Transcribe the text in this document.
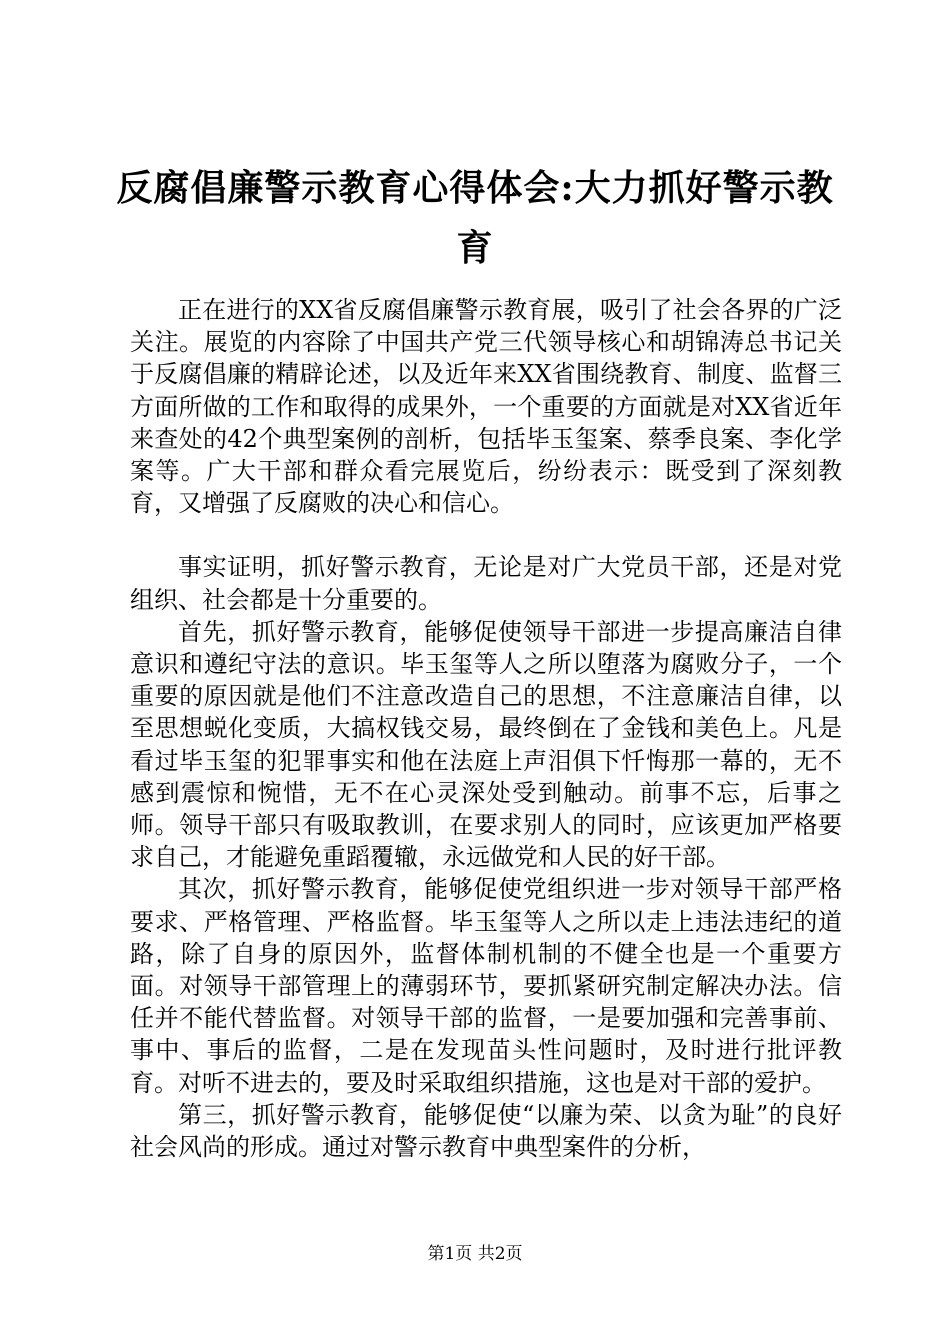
反腐倡廉警示教育心得体会:大力抓好警示教育

正在进行的XX省反腐倡廉警示教育展，吸引了社会各界的广泛关注。展览的内容除了中国共产党三代领导核心和胡锦涛总书记关于反腐倡廉的精辟论述，以及近年来XX省围绕教育、制度、监督三方面所做的工作和取得的成果外，一个重要的方面就是对XX省近年来查处的42个典型案例的剖析，包括毕玉玺案、蔡季良案、李化学案等。广大干部和群众看完展览后，纷纷表示：既受到了深刻教育，又增强了反腐败的决心和信心。

事实证明，抓好警示教育，无论是对广大党员干部，还是对党组织、社会都是十分重要的。

首先，抓好警示教育，能够促使领导干部进一步提高廉洁自律意识和遵纪守法的意识。毕玉玺等人之所以堕落为腐败分子，一个重要的原因就是他们不注意改造自己的思想，不注意廉洁自律，以至思想蜕化变质，大搞权钱交易，最终倒在了金钱和美色上。凡是看过毕玉玺的犯罪事实和他在法庭上声泪俱下忏悔那一幕的，无不感到震惊和惋惜，无不在心灵深处受到触动。前事不忘，后事之师。领导干部只有吸取教训，在要求别人的同时，应该更加严格要求自己，才能避免重蹈覆辙，永远做党和人民的好干部。

其次，抓好警示教育，能够促使党组织进一步对领导干部严格要求、严格管理、严格监督。毕玉玺等人之所以走上违法违纪的道路，除了自身的原因外，监督体制机制的不健全也是一个重要方面。对领导干部管理上的薄弱环节，要抓紧研究制定解决办法。信任并不能代替监督。对领导干部的监督，一是要加强和完善事前、事中、事后的监督，二是在发现苗头性问题时，及时进行批评教育。对听不进去的，要及时采取组织措施，这也是对干部的爱护。

第三，抓好警示教育，能够促使“以廉为荣、以贪为耻”的良好社会风尚的形成。通过对警示教育中典型案件的分析，

第1页 共2页
